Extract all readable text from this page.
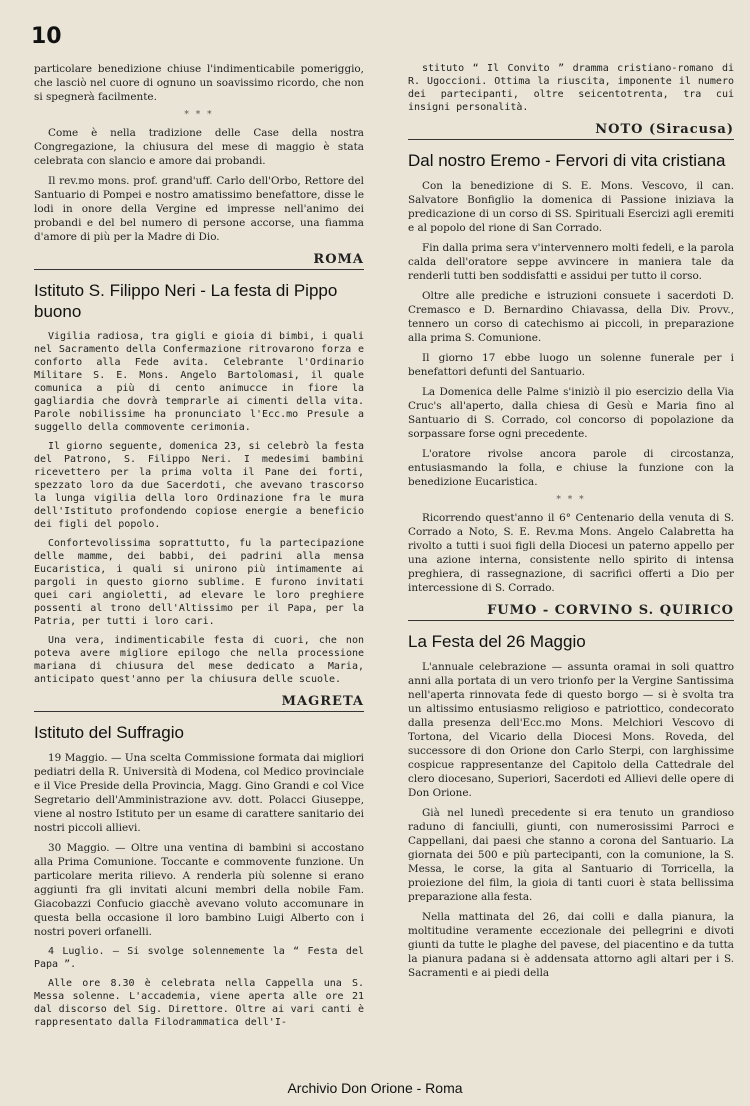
10

particolare benedizione chiuse l'indimenticabile pomeriggio, che lasciò nel cuore di ognuno un soavissimo ricordo, che non si spegnerà facilmente.

* * *

Come è nella tradizione delle Case della nostra Congregazione, la chiusura del mese di maggio è stata celebrata con slancio e amore dai probandi.

Il rev.mo mons. prof. grand'uff. Carlo dell'Orbo, Rettore del Santuario di Pompei e nostro amatissimo benefattore, disse le lodi in onore della Vergine ed impresse nell'animo dei probandi e del bel numero di persone accorse, una fiamma d'amore di più per la Madre di Dio.

ROMA
Istituto S. Filippo Neri - La festa di Pippo buono

Vigilia radiosa, tra gigli e gioia di bimbi, i quali nel Sacramento della Confermazione ritrovarono forza e conforto alla Fede avita. Celebrante l'Ordinario Militare S. E. Mons. Angelo Bartolomasi, il quale comunica a più di cento animucce in fiore la gagliardia che dovrà temprarle ai cimenti della vita. Parole nobilissime ha pronunciato l'Ecc.mo Presule a suggello della commovente cerimonia.

Il giorno seguente, domenica 23, si celebrò la festa del Patrono, S. Filippo Neri. I medesimi bambini ricevettero per la prima volta il Pane dei forti, spezzato loro da due Sacerdoti, che avevano trascorso la lunga vigilia della loro Ordinazione fra le mura dell'Istituto profondendo copiose energie a beneficio dei figli del popolo.

Confortevolissima soprattutto, fu la partecipazione delle mamme, dei babbi, dei padrini alla mensa Eucaristica, i quali si unirono più intimamente ai pargoli in questo giorno sublime. E furono invitati quei cari angioletti, ad elevare le loro preghiere possenti al trono dell'Altissimo per il Papa, per la Patria, per tutti i loro cari.

Una vera, indimenticabile festa di cuori, che non poteva avere migliore epilogo che nella processione mariana di chiusura del mese dedicato a Maria, anticipato quest'anno per la chiusura delle scuole.

MAGRETA
Istituto del Suffragio

19 Maggio. — Una scelta Commissione formata dai migliori pediatri della R. Università di Modena, col Medico provinciale e il Vice Preside della Provincia, Magg. Gino Grandi e col Vice Segretario dell'Amministrazione avv. dott. Polacci Giuseppe, viene al nostro Istituto per un esame di carattere sanitario dei nostri piccoli allievi.

30 Maggio. — Oltre una ventina di bambini si accostano alla Prima Comunione. Toccante e commovente funzione. Un particolare merita rilievo. A renderla più solenne si erano aggiunti fra gli invitati alcuni membri della nobile Fam. Giacobazzi Confucio giacchè avevano voluto accomunare in questa bella occasione il loro bambino Luigi Alberto con i nostri poveri orfanelli.

4 Luglio. — Si svolge solennemente la “ Festa del Papa ”.

Alle ore 8.30 è celebrata nella Cappella una S. Messa solenne. L'accademia, viene aperta alle ore 21 dal discorso del Sig. Direttore. Oltre ai vari canti è rappresentato dalla Filodrammatica dell'I-

stituto “ Il Convito ” dramma cristiano-romano di R. Ugoccioni. Ottima la riuscita, imponente il numero dei partecipanti, oltre seicentotrenta, tra cui insigni personalità.

NOTO (Siracusa)
Dal nostro Eremo - Fervori di vita cristiana

Con la benedizione di S. E. Mons. Vescovo, il can. Salvatore Bonfiglio la domenica di Passione iniziava la predicazione di un corso di SS. Spirituali Esercizi agli eremiti e al popolo del rione di San Corrado.

Fin dalla prima sera v'intervennero molti fedeli, e la parola calda dell'oratore seppe avvincere in maniera tale da renderli tutti ben soddisfatti e assidui per tutto il corso.

Oltre alle prediche e istruzioni consuete i sacerdoti D. Cremasco e D. Bernardino Chiavassa, della Div. Provv., tennero un corso di catechismo ai piccoli, in preparazione alla prima S. Comunione.

Il giorno 17 ebbe luogo un solenne funerale per i benefattori defunti del Santuario.

La Domenica delle Palme s'iniziò il pio esercizio della Via Cruc's all'aperto, dalla chiesa di Gesù e Maria fino al Santuario di S. Corrado, col concorso di popolazione da sorpassare forse ogni precedente.

L'oratore rivolse ancora parole di circostanza, entusiasmando la folla, e chiuse la funzione con la benedizione Eucaristica.

* * *

Ricorrendo quest'anno il 6° Centenario della venuta di S. Corrado a Noto, S. E. Rev.ma Mons. Angelo Calabretta ha rivolto a tutti i suoi figli della Diocesi un paterno appello per una azione interna, consistente nello spirito di intensa preghiera, di rassegnazione, di sacrifici offerti a Dio per intercessione di S. Corrado.

FUMO - CORVINO S. QUIRICO
La Festa del 26 Maggio

L'annuale celebrazione — assunta oramai in soli quattro anni alla portata di un vero trionfo per la Vergine Santissima nell'aperta rinnovata fede di questo borgo — si è svolta tra un altissimo entusiasmo religioso e patriottico, condecorato dalla presenza dell'Ecc.mo Mons. Melchiori Vescovo di Tortona, del Vicario della Diocesi Mons. Roveda, del successore di don Orione don Carlo Sterpi, con larghissime cospicue rappresentanze del Capitolo della Cattedrale del clero diocesano, Superiori, Sacerdoti ed Allievi delle opere di Don Orione.

Già nel lunedì precedente si era tenuto un grandioso raduno di fanciulli, giunti, con numerosissimi Parroci e Cappellani, dai paesi che stanno a corona del Santuario. La giornata dei 500 e più partecipanti, con la comunione, la S. Messa, le corse, la gita al Santuario di Torricella, la proiezione del film, la gioia di tanti cuori è stata bellissima preparazione alla festa.

Nella mattinata del 26, dai colli e dalla pianura, la moltitudine veramente eccezionale dei pellegrini e divoti giunti da tutte le plaghe del pavese, del piacentino e da tutta la pianura padana si è addensata attorno agli altari per i S. Sacramenti e ai piedi della

Archivio Don Orione - Roma
